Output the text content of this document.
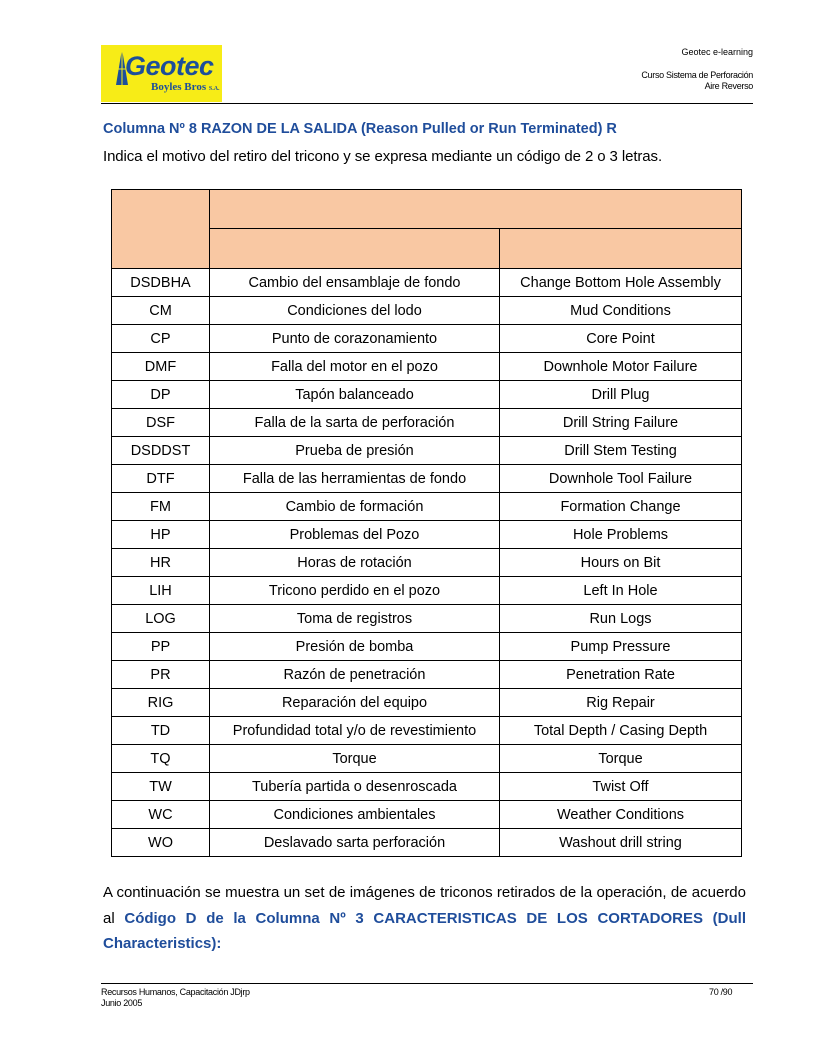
Geotec
Boyles Bros S.A.
Geotec e-learning
Curso Sistema de Perforación
Aire Reverso
Columna Nº 8 RAZON DE LA SALIDA (Reason Pulled or Run Terminated) R
Indica el motivo del retiro del tricono y se expresa mediante un código de 2 o 3 letras.

DSDBHA	Cambio del ensamblaje de fondo	Change Bottom Hole Assembly
CM	Condiciones del lodo	Mud Conditions
CP	Punto de corazonamiento	Core Point
DMF	Falla del motor en el pozo	Downhole Motor Failure
DP	Tapón balanceado	Drill Plug
DSF	Falla de la sarta de perforación	Drill String Failure
DSDDST	Prueba de presión	Drill Stem Testing
DTF	Falla de las herramientas de fondo	Downhole Tool Failure
FM	Cambio de formación	Formation Change
HP	Problemas del Pozo	Hole Problems
HR	Horas de rotación	Hours on Bit
LIH	Tricono perdido en el pozo	Left In Hole
LOG	Toma de registros	Run Logs
PP	Presión de bomba	Pump Pressure
PR	Razón de penetración	Penetration Rate
RIG	Reparación del equipo	Rig Repair
TD	Profundidad total y/o de revestimiento	Total Depth / Casing Depth
TQ	Torque	Torque
TW	Tubería partida o desenroscada	Twist Off
WC	Condiciones ambientales	Weather Conditions
WO	Deslavado sarta perforación	Washout drill string
A continuación se muestra un set de imágenes de triconos retirados de la operación, de acuerdo al Código D de la Columna Nº 3 CARACTERISTICAS DE LOS CORTADORES (Dull Characteristics):
Recursos Humanos, Capacitación JDjrp
Junio 2005
70 /90
